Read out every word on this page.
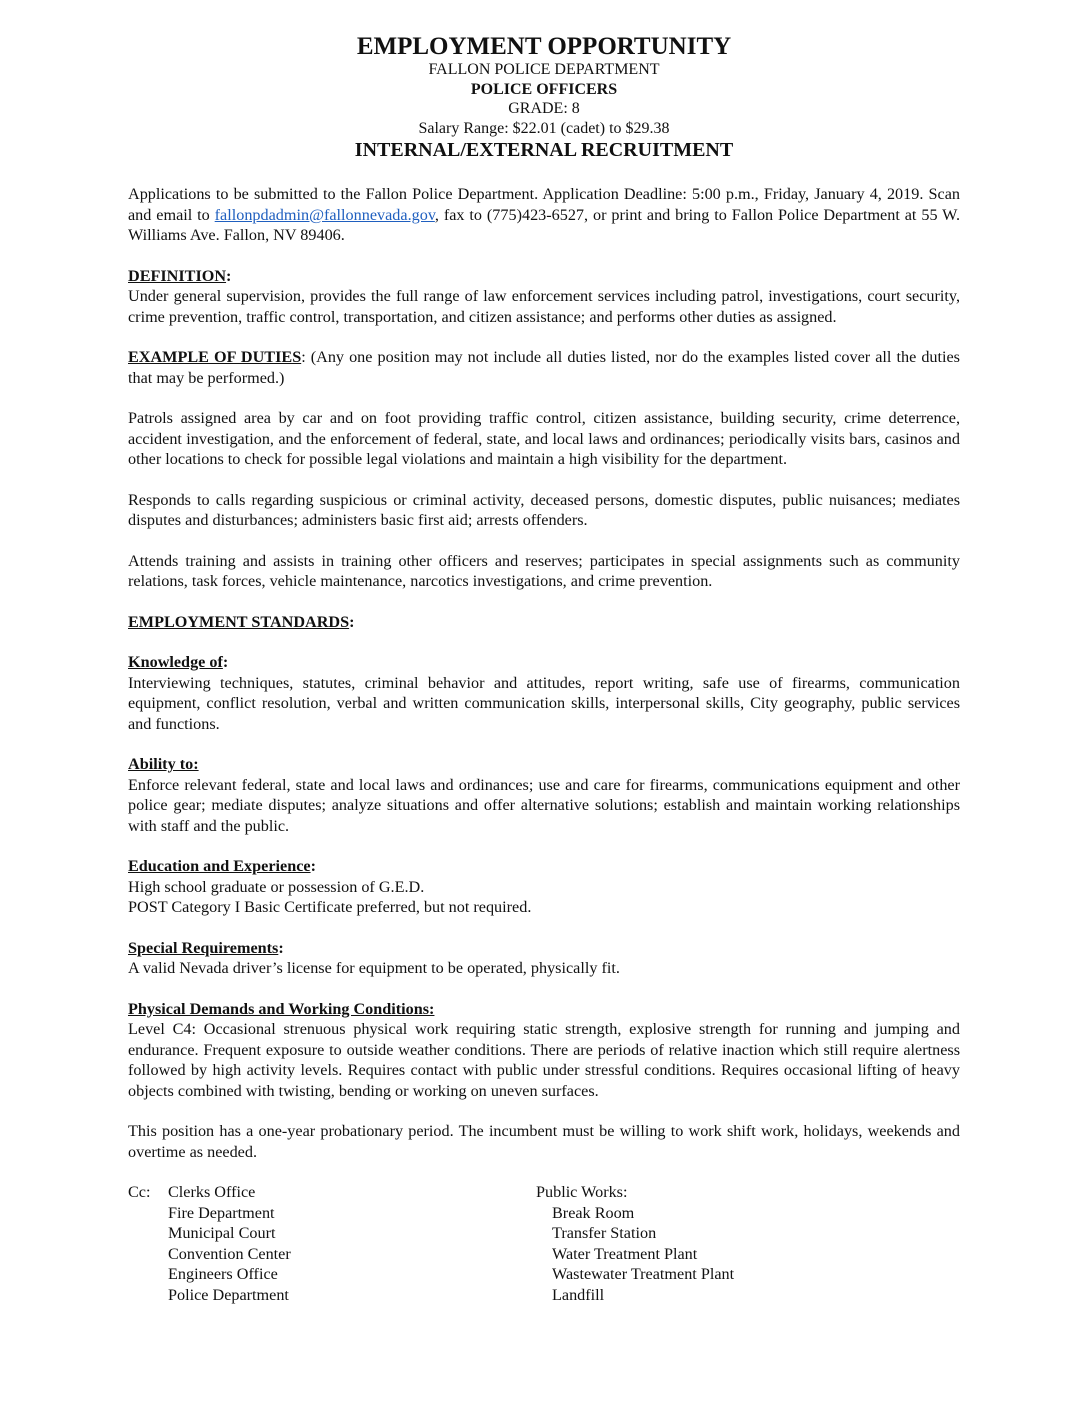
EMPLOYMENT OPPORTUNITY
FALLON POLICE DEPARTMENT
POLICE OFFICERS
GRADE: 8
Salary Range: $22.01 (cadet) to $29.38
INTERNAL/EXTERNAL RECRUITMENT

Applications to be submitted to the Fallon Police Department. Application Deadline: 5:00 p.m., Friday, January 4, 2019. Scan and email to fallonpdadmin@fallonnevada.gov, fax to (775)423-6527, or print and bring to Fallon Police Department at 55 W. Williams Ave. Fallon, NV 89406.

DEFINITION:
Under general supervision, provides the full range of law enforcement services including patrol, investigations, court security, crime prevention, traffic control, transportation, and citizen assistance; and performs other duties as assigned.

EXAMPLE OF DUTIES: (Any one position may not include all duties listed, nor do the examples listed cover all the duties that may be performed.)

Patrols assigned area by car and on foot providing traffic control, citizen assistance, building security, crime deterrence, accident investigation, and the enforcement of federal, state, and local laws and ordinances; periodically visits bars, casinos and other locations to check for possible legal violations and maintain a high visibility for the department.

Responds to calls regarding suspicious or criminal activity, deceased persons, domestic disputes, public nuisances; mediates disputes and disturbances; administers basic first aid; arrests offenders.

Attends training and assists in training other officers and reserves; participates in special assignments such as community relations, task forces, vehicle maintenance, narcotics investigations, and crime prevention.

EMPLOYMENT STANDARDS:
Knowledge of:
Interviewing techniques, statutes, criminal behavior and attitudes, report writing, safe use of firearms, communication equipment, conflict resolution, verbal and written communication skills, interpersonal skills, City geography, public services and functions.
Ability to:
Enforce relevant federal, state and local laws and ordinances; use and care for firearms, communications equipment and other police gear; mediate disputes; analyze situations and offer alternative solutions; establish and maintain working relationships with staff and the public.
Education and Experience:
High school graduate or possession of G.E.D.
POST Category I Basic Certificate preferred, but not required.
Special Requirements:
A valid Nevada driver’s license for equipment to be operated, physically fit.
Physical Demands and Working Conditions:
Level C4: Occasional strenuous physical work requiring static strength, explosive strength for running and jumping and endurance. Frequent exposure to outside weather conditions. There are periods of relative inaction which still require alertness followed by high activity levels. Requires contact with public under stressful conditions. Requires occasional lifting of heavy objects combined with twisting, bending or working on uneven surfaces.

This position has a one-year probationary period. The incumbent must be willing to work shift work, holidays, weekends and overtime as needed.

Cc: Clerks Office
Fire Department
Municipal Court
Convention Center
Engineers Office
Police Department
Public Works:
Break Room
Transfer Station
Water Treatment Plant
Wastewater Treatment Plant
Landfill
